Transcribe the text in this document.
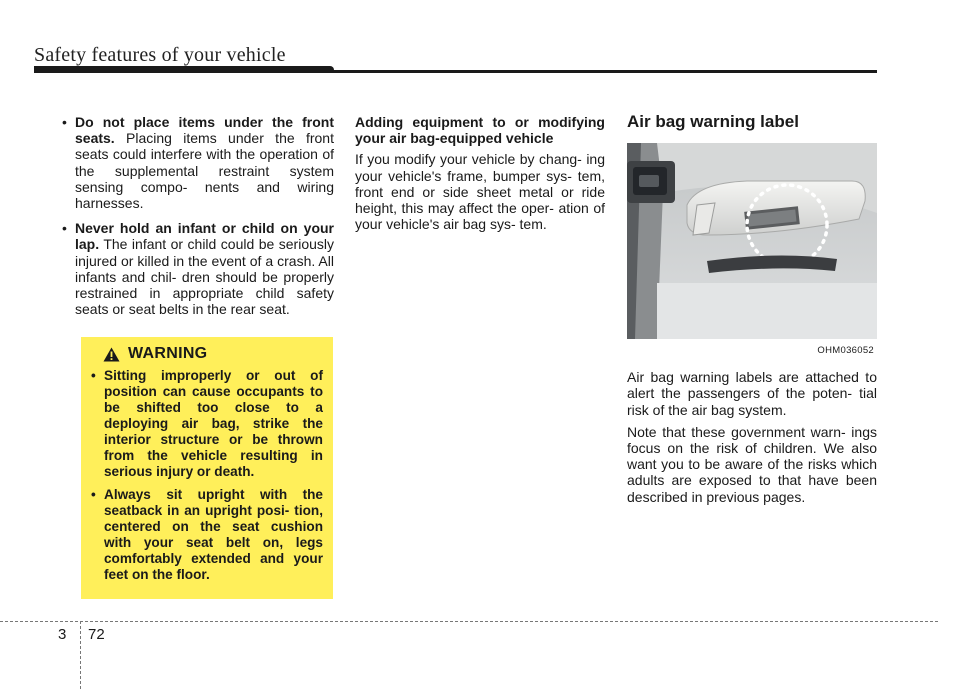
Safety features of your vehicle
• Do not place items under the front seats. Placing items under the front seats could interfere with the operation of the supplemental restraint system sensing compo- nents and wiring harnesses.
• Never hold an infant or child on your lap. The infant or child could be seriously injured or killed in the event of a crash. All infants and chil- dren should be properly restrained in appropriate child safety seats or seat belts in the rear seat.
WARNING
• Sitting improperly or out of position can cause occupants to be shifted too close to a deploying air bag, strike the interior structure or be thrown from the vehicle resulting in serious injury or death.
• Always sit upright with the seatback in an upright posi- tion, centered on the seat cushion with your seat belt on, legs comfortably extended and your feet on the floor.

Adding equipment to or modifying your air bag-equipped vehicle

If you modify your vehicle by chang- ing your vehicle's frame, bumper sys- tem, front end or side sheet metal or ride height, this may affect the oper- ation of your vehicle's air bag sys- tem.

Air bag warning label
OHM036052

Air bag warning labels are attached to alert the passengers of the poten- tial risk of the air bag system.

Note that these government warn- ings focus on the risk of children. We also want you to be aware of the risks which adults are exposed to that have been described in previous pages.

3 72
